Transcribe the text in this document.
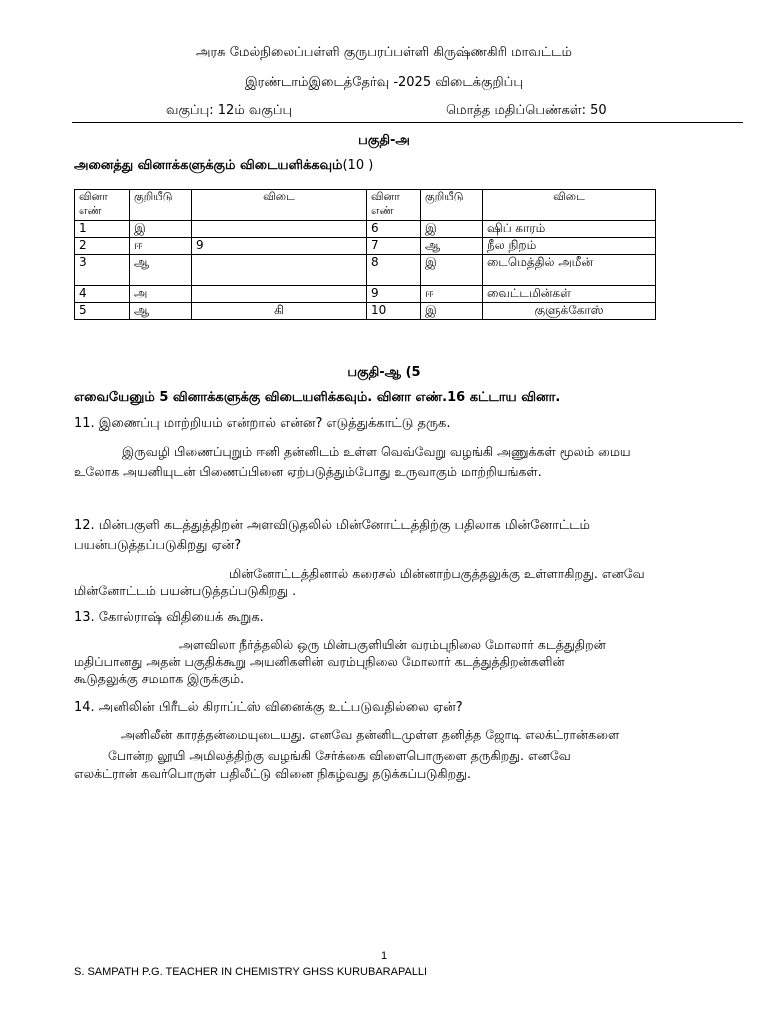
அரசு மேல்நிலைப்பள்ளி குருபரப்பள்ளி கிருஷ்ணகிரி மாவட்டம்
இரண்டாம்இடைத்தேர்வு -2025 விடைக்குறிப்பு
வகுப்பு: 12ம் வகுப்பு	மொத்த மதிப்பெண்கள்: 50
பகுதி-அ
அனைத்து வினாக்களுக்கும் விடையளிக்கவும்(10 )
வினா எண்	குறியீடு	விடை	வினா எண்	குறியீடு	விடை
1	இ		6	இ	ஷிப் காரம்
2	ஈ	9	7	ஆ	நீல நிறம்
3	ஆ		8	இ	டைமெத்தில் அமீன்
4	அ		9	ஈ	வைட்டமின்கள்
5	ஆ	கி	10	இ	குளுக்கோஸ்
பகுதி-ஆ (5
எவையேனும் 5 வினாக்களுக்கு விடையளிக்கவும். வினா எண்.16 கட்டாய வினா.
11. இணைப்பு மாற்றியம் என்றால் என்ன? எடுத்துக்காட்டு தருக.
இருவழி பிணைப்புறும் ஈனி தன்னிடம் உள்ள வெவ்வேறு வழங்கி அணுக்கள் மூலம் மைய
உலோக அயனியுடன் பிணைப்பினை ஏற்படுத்தும்போது உருவாகும் மாற்றியங்கள்.
12. மின்பகுளி கடத்துத்திறன் அளவிடுதலில் மின்னோட்டத்திற்கு பதிலாக மின்னோட்டம்
பயன்படுத்தப்படுகிறது ஏன்?
மின்னோட்டத்தினால் கரைசல் மின்னாற்பகுத்தலுக்கு உள்ளாகிறது. எனவே
மின்னோட்டம் பயன்படுத்தப்படுகிறது .
13. கோல்ராஷ் விதியைக் கூறுக.
அளவிலா நீர்த்தலில் ஒரு மின்பகுளியின் வரம்புநிலை மோலார் கடத்துதிறன்
மதிப்பானது அதன் பகுதிக்கூறு அயனிகளின் வரம்புநிலை மோலார் கடத்துத்திறன்களின்
கூடுதலுக்கு சமமாக இருக்கும்.
14. அனிலின் பிரீடல் கிராப்ட்ஸ் வினைக்கு உட்படுவதில்லை ஏன்?
அனிலீன் காரத்தன்மையுடையது. எனவே தன்னிடமுள்ள தனித்த ஜோடி எலக்ட்ரான்களை
போன்ற லூயி அமிலத்திற்கு வழங்கி சேர்க்கை விளைபொருளை தருகிறது. எனவே
எலக்ட்ரான் கவர்பொருள் பதிலீட்டு வினை நிகழ்வது தடுக்கப்படுகிறது.
1
S. SAMPATH P.G. TEACHER IN CHEMISTRY GHSS KURUBARAPALLI
